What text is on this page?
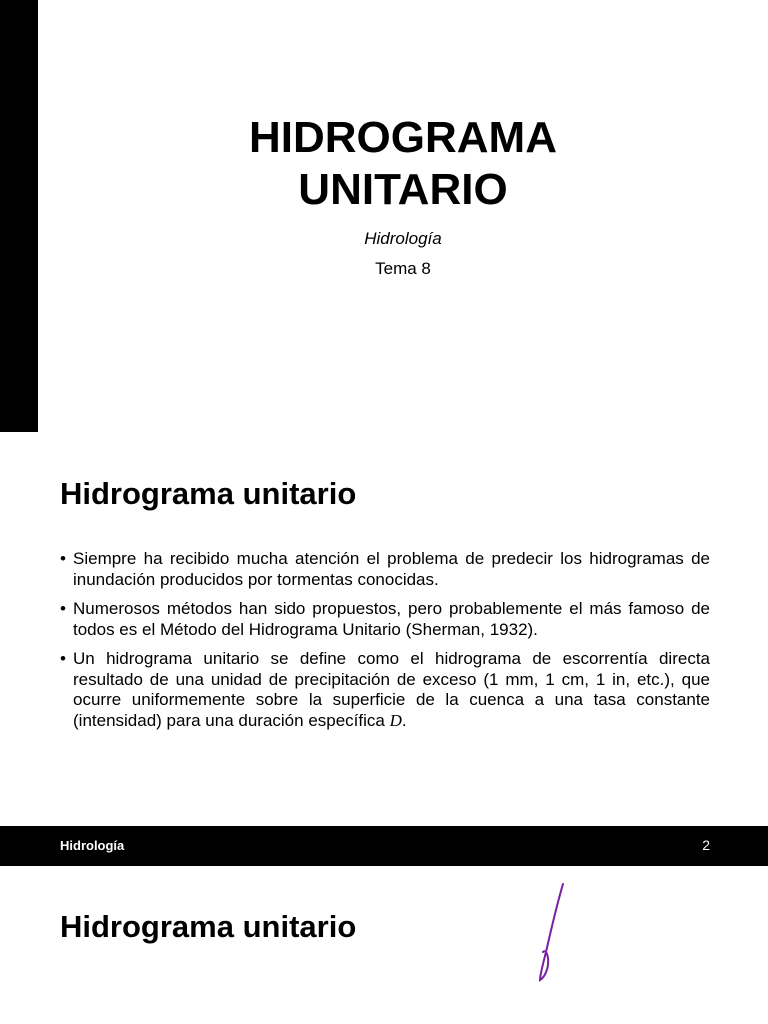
HIDROGRAMA
UNITARIO
Hidrología
Tema 8
Hidrograma unitario
• Siempre ha recibido mucha atención el problema de predecir los hidrogramas de inundación producidos por tormentas conocidas.
• Numerosos métodos han sido propuestos, pero probablemente el más famoso de todos es el Método del Hidrograma Unitario (Sherman, 1932).
• Un hidrograma unitario se define como el hidrograma de escorrentía directa resultado de una unidad de precipitación de exceso (1 mm, 1 cm, 1 in, etc.), que ocurre uniformemente sobre la superficie de la cuenca a una tasa constante (intensidad) para una duración específica D.
Hidrología	2
Hidrograma unitario
